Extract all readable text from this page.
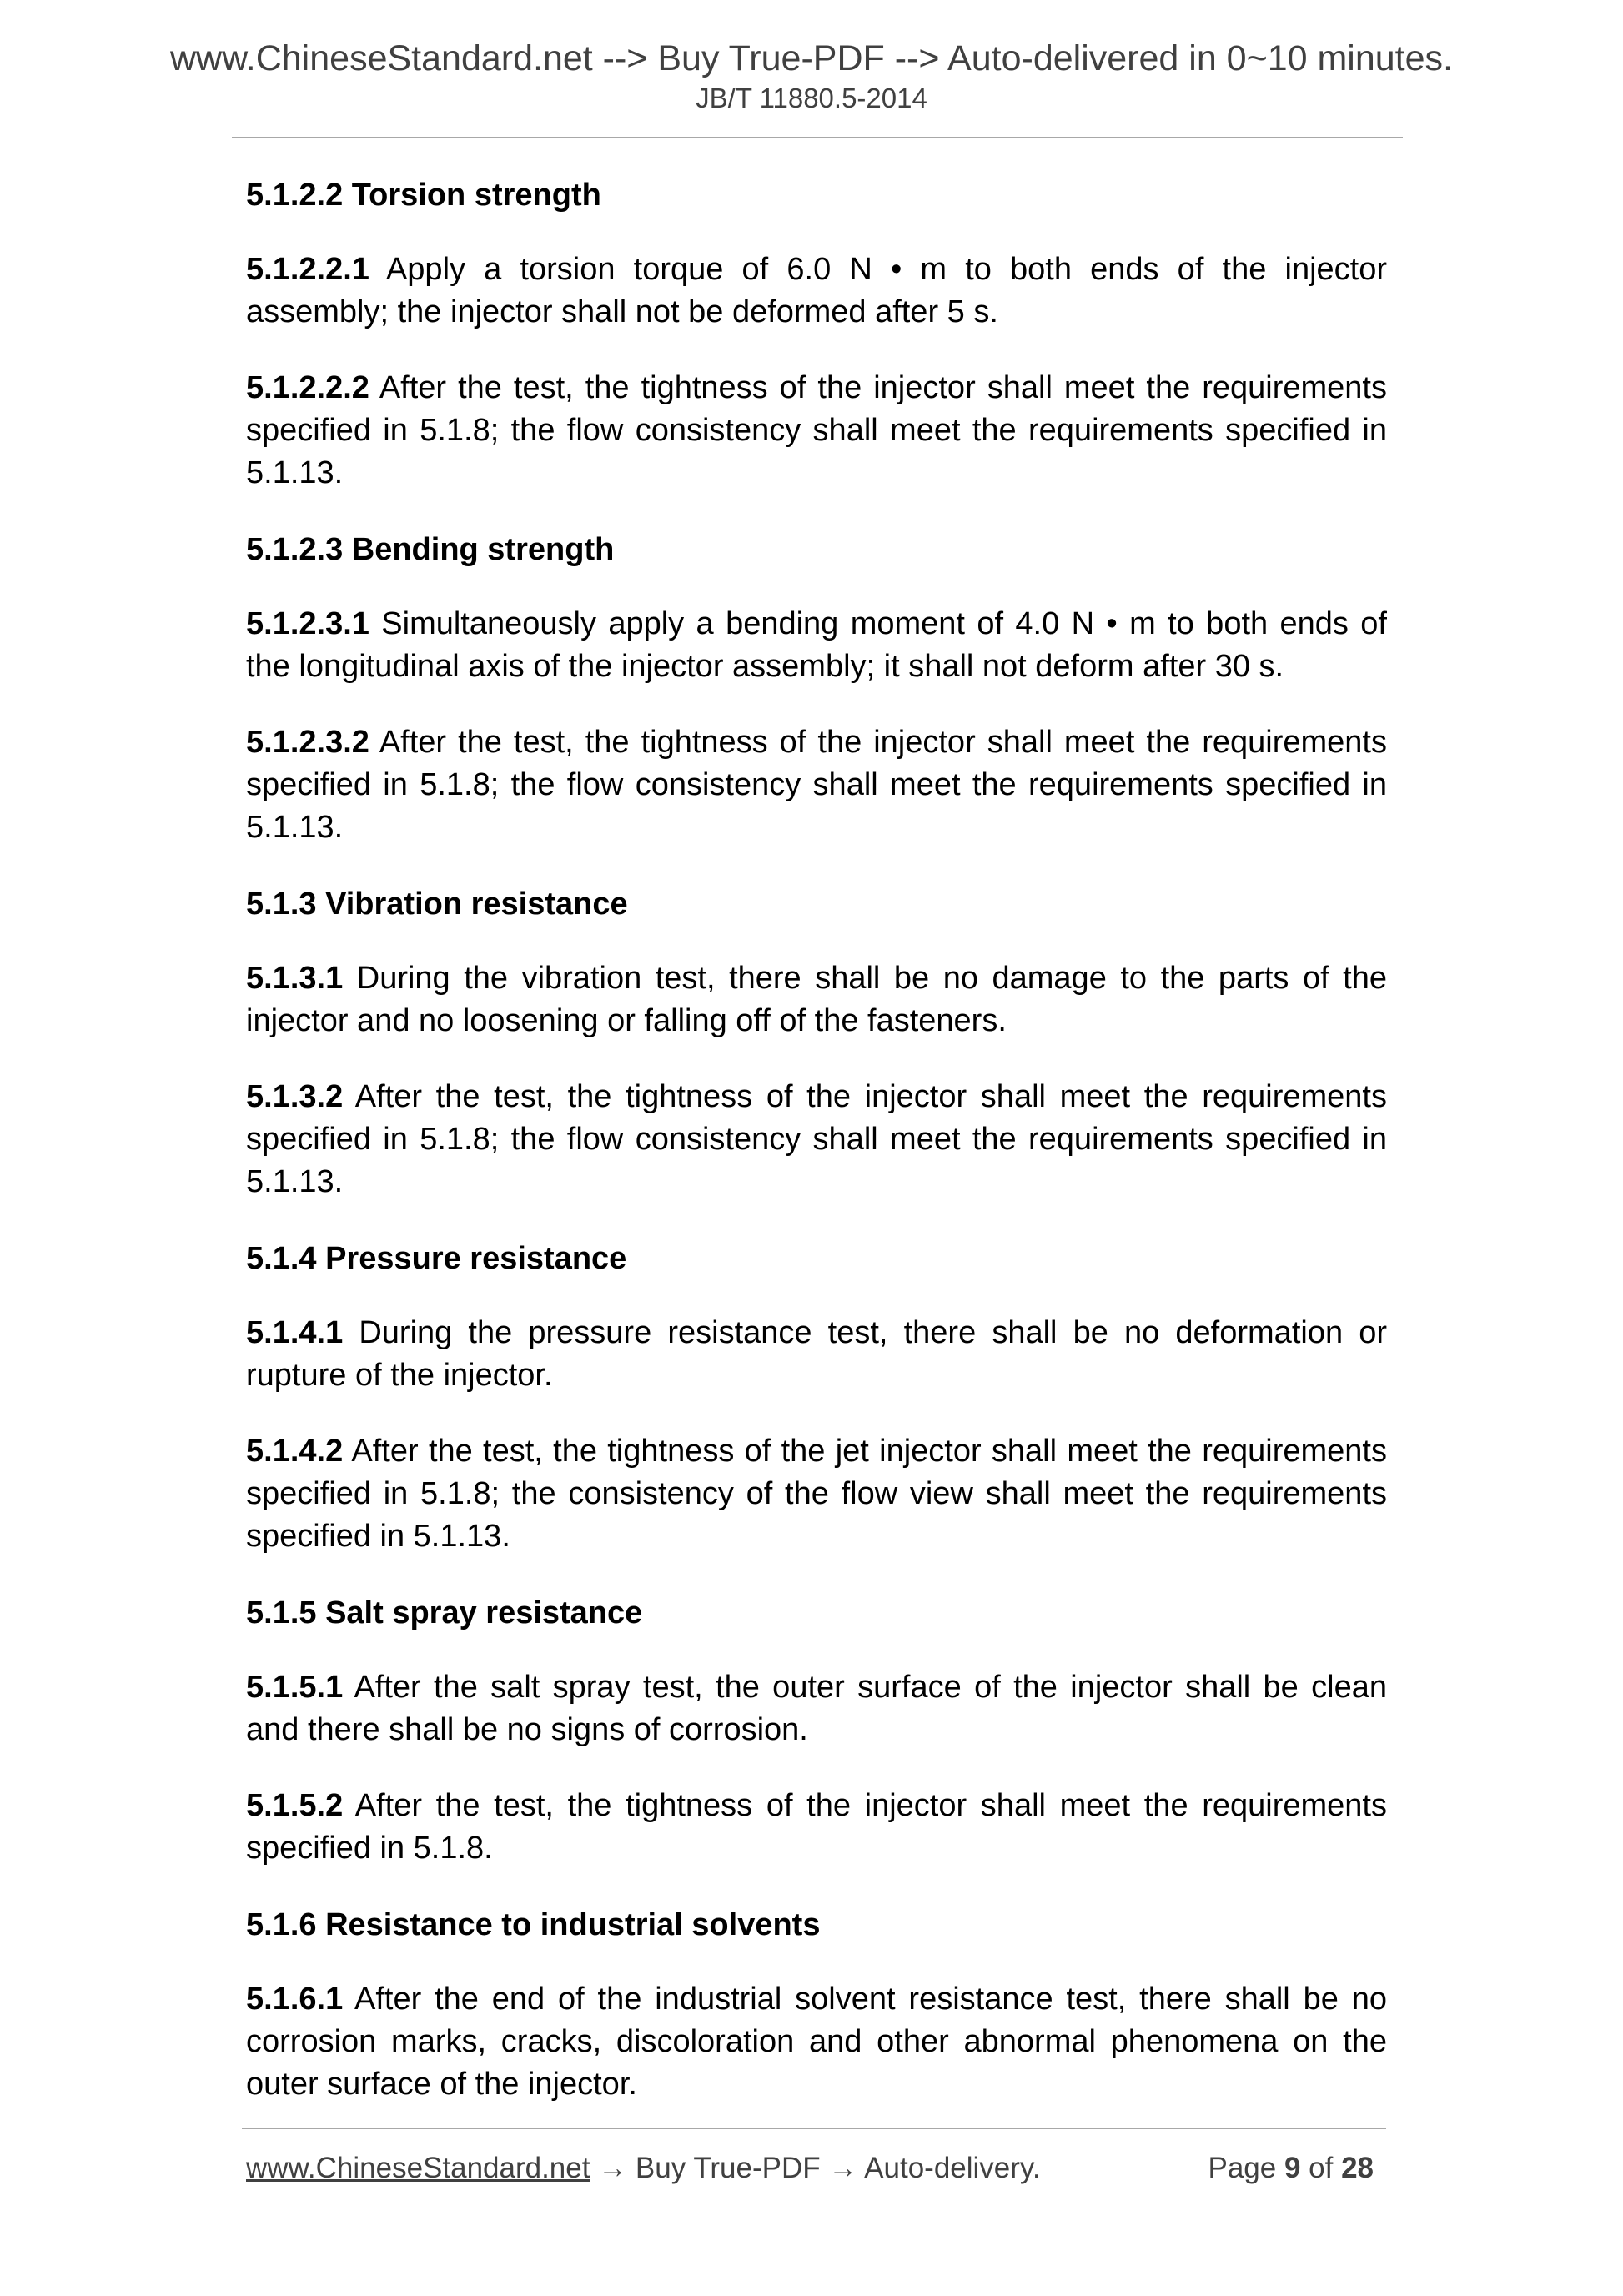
www.ChineseStandard.net --> Buy True-PDF --> Auto-delivered in 0~10 minutes.
JB/T 11880.5-2014
5.1.2.2 Torsion strength

5.1.2.2.1 Apply a torsion torque of 6.0 N • m to both ends of the injector assembly; the injector shall not be deformed after 5 s.

5.1.2.2.2 After the test, the tightness of the injector shall meet the requirements specified in 5.1.8; the flow consistency shall meet the requirements specified in 5.1.13.

5.1.2.3 Bending strength

5.1.2.3.1 Simultaneously apply a bending moment of 4.0 N • m to both ends of the longitudinal axis of the injector assembly; it shall not deform after 30 s.

5.1.2.3.2 After the test, the tightness of the injector shall meet the requirements specified in 5.1.8; the flow consistency shall meet the requirements specified in 5.1.13.

5.1.3 Vibration resistance

5.1.3.1 During the vibration test, there shall be no damage to the parts of the injector and no loosening or falling off of the fasteners.

5.1.3.2 After the test, the tightness of the injector shall meet the requirements specified in 5.1.8; the flow consistency shall meet the requirements specified in 5.1.13.

5.1.4 Pressure resistance

5.1.4.1 During the pressure resistance test, there shall be no deformation or rupture of the injector.

5.1.4.2 After the test, the tightness of the jet injector shall meet the requirements specified in 5.1.8; the consistency of the flow view shall meet the requirements specified in 5.1.13.

5.1.5 Salt spray resistance

5.1.5.1 After the salt spray test, the outer surface of the injector shall be clean and there shall be no signs of corrosion.

5.1.5.2 After the test, the tightness of the injector shall meet the requirements specified in 5.1.8.

5.1.6 Resistance to industrial solvents

5.1.6.1 After the end of the industrial solvent resistance test, there shall be no corrosion marks, cracks, discoloration and other abnormal phenomena on the outer surface of the injector.

www.ChineseStandard.net → Buy True-PDF → Auto-delivery.	Page 9 of 28
